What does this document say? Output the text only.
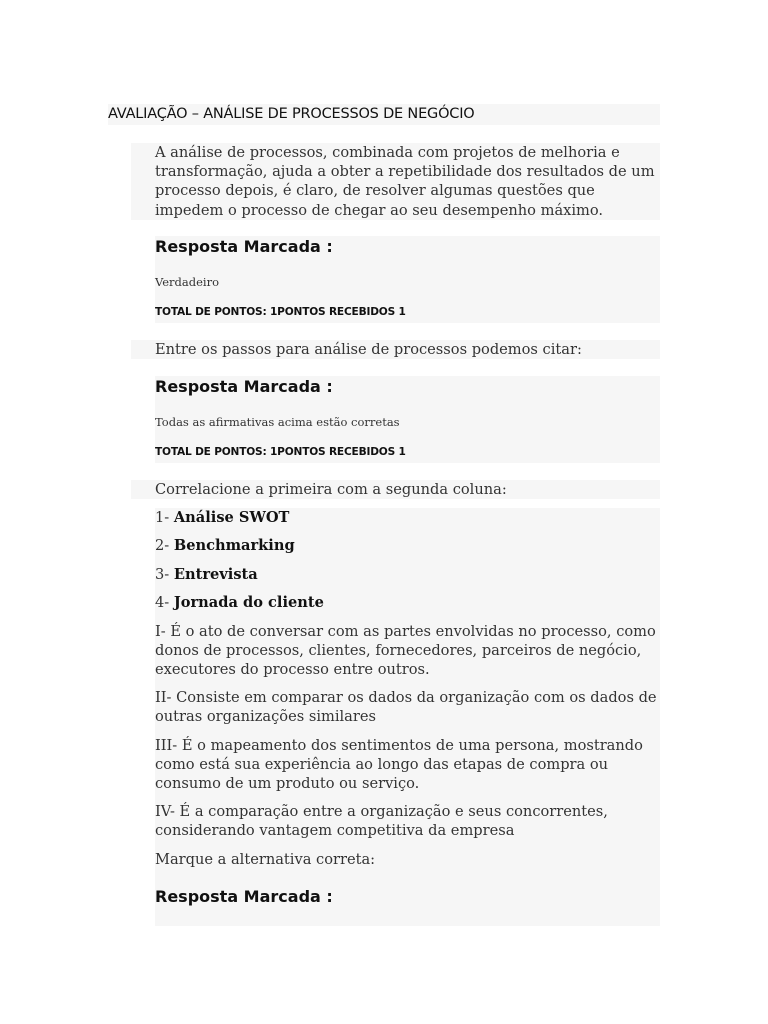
AVALIAÇÃO – ANÁLISE DE PROCESSOS DE NEGÓCIO
A análise de processos, combinada com projetos de melhoria e
transformação, ajuda a obter a repetibilidade dos resultados de um
processo depois, é claro, de resolver algumas questões que
impedem o processo de chegar ao seu desempenho máximo.
Resposta Marcada :
Verdadeiro
TOTAL DE PONTOS: 1PONTOS RECEBIDOS 1
Entre os passos para análise de processos podemos citar:
Resposta Marcada :
Todas as afirmativas acima estão corretas
TOTAL DE PONTOS: 1PONTOS RECEBIDOS 1
Correlacione a primeira com a segunda coluna:
1- Análise SWOT
2- Benchmarking
3- Entrevista
4- Jornada do cliente
I- É o ato de conversar com as partes envolvidas no processo, como
donos de processos, clientes, fornecedores, parceiros de negócio,
executores do processo entre outros.
II- Consiste em comparar os dados da organização com os dados de
outras organizações similares
III- É o mapeamento dos sentimentos de uma persona, mostrando
como está sua experiência ao longo das etapas de compra ou
consumo de um produto ou serviço.
IV- É a comparação entre a organização e seus concorrentes,
considerando vantagem competitiva da empresa
Marque a alternativa correta:
Resposta Marcada :
